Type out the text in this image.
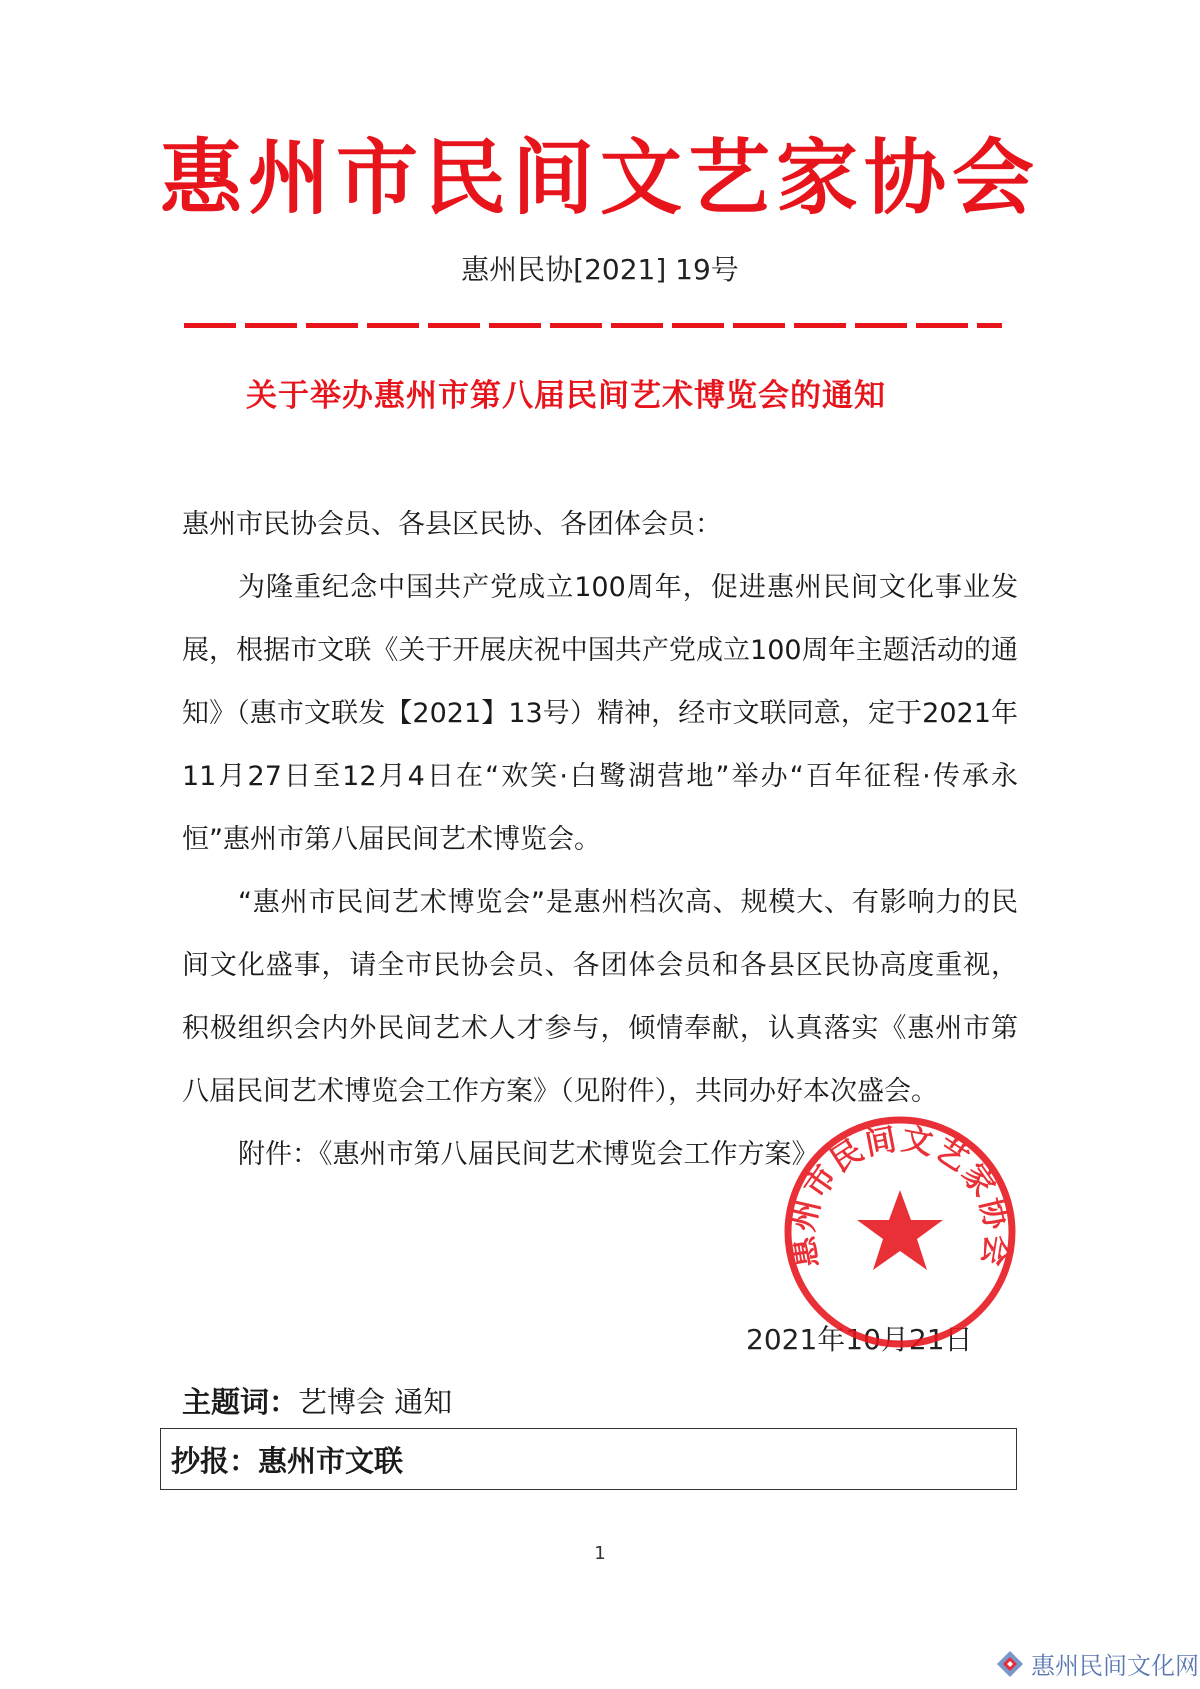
惠州市民间文艺家协会
惠州民协[2021] 19号
关于举办惠州市第八届民间艺术博览会的通知

惠州市民协会员、各县区民协、各团体会员：

为隆重纪念中国共产党成立100周年，促进惠州民间文化事业发展，根据市文联《关于开展庆祝中国共产党成立100周年主题活动的通知》（惠市文联发【2021】13号）精神，经市文联同意，定于2021年11月27日至12月4日在“欢笑·白鹭湖营地”举办“百年征程·传承永恒”惠州市第八届民间艺术博览会。

“惠州市民间艺术博览会”是惠州档次高、规模大、有影响力的民间文化盛事，请全市民协会员、各团体会员和各县区民协高度重视，积极组织会内外民间艺术人才参与，倾情奉献，认真落实《惠州市第八届民间艺术博览会工作方案》（见附件），共同办好本次盛会。

附件：《惠州市第八届民间艺术博览会工作方案》

2021年10月21日
惠州市民间文艺家协会
主题词：艺博会 通知
抄报： 惠州市文联
1
惠州民间文化网
